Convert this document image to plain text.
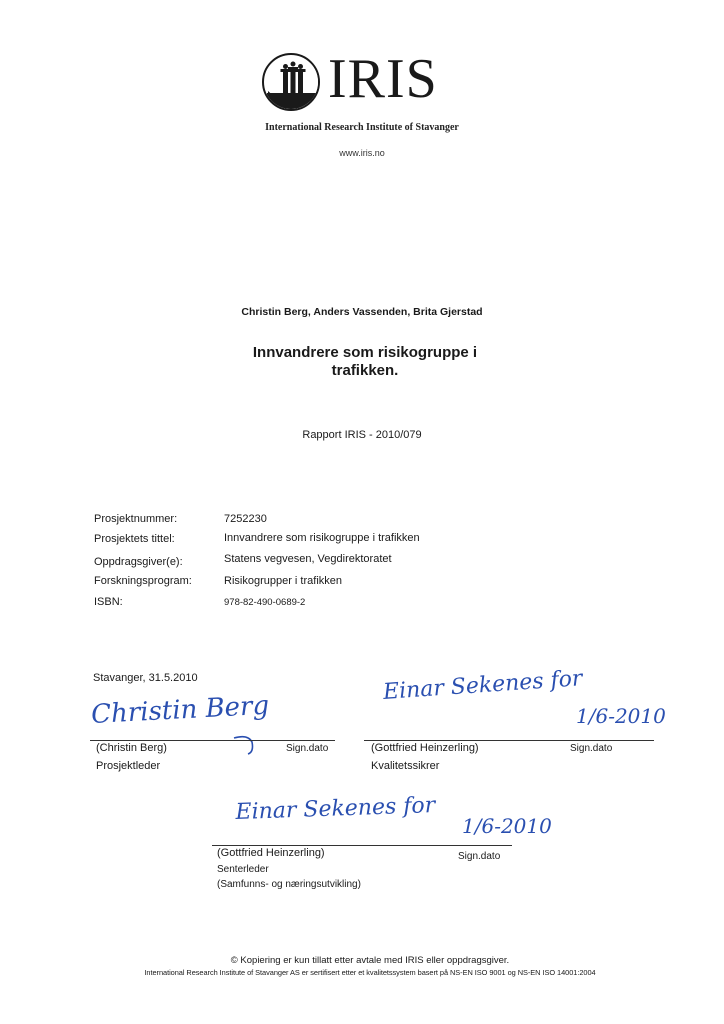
IRIS
International Research Institute of Stavanger
www.iris.no
Christin Berg, Anders Vassenden, Brita Gjerstad
Innvandrere som risikogruppe i
trafikken.
Rapport IRIS - 2010/079
Prosjektnummer:	7252230
Prosjektets tittel:	Innvandrere som risikogruppe i trafikken
Oppdragsgiver(e):	Statens vegvesen, Vegdirektoratet
Forskningsprogram:	Risikogrupper i trafikken
ISBN:	978-82-490-0689-2
Stavanger, 31.5.2010
Christin Berg
(Christin Berg)
Prosjektleder
Sign.dato
Einar Sekenes for
1/6-2010
(Gottfried Heinzerling)
Kvalitetssikrer
Sign.dato
Einar Sekenes for
1/6-2010
(Gottfried Heinzerling)
Senterleder
(Samfunns- og næringsutvikling)
Sign.dato
© Kopiering er kun tillatt etter avtale med IRIS eller oppdragsgiver.
International Research Institute of Stavanger AS er sertifisert etter et kvalitetssystem basert på NS-EN ISO 9001 og NS-EN ISO 14001:2004
